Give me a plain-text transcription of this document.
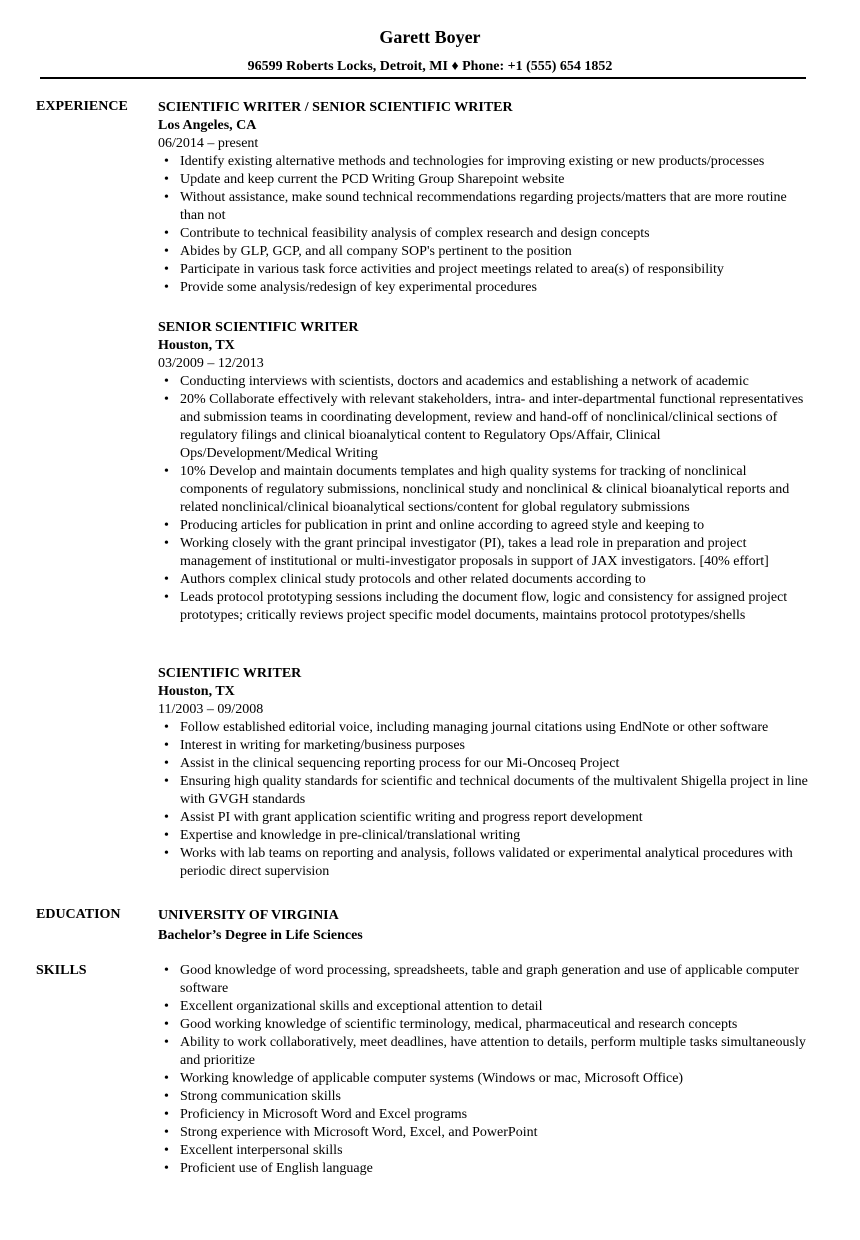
Garett Boyer
96599 Roberts Locks, Detroit, MI ♦ Phone: +1 (555) 654 1852
EXPERIENCE SCIENTIFIC WRITER / SENIOR SCIENTIFIC WRITER
Los Angeles, CA
06/2014 – present
• Identify existing alternative methods and technologies for improving existing or new products/processes
• Update and keep current the PCD Writing Group Sharepoint website
• Without assistance, make sound technical recommendations regarding projects/matters that are more routine than not
• Contribute to technical feasibility analysis of complex research and design concepts
• Abides by GLP, GCP, and all company SOP's pertinent to the position
• Participate in various task force activities and project meetings related to area(s) of responsibility
• Provide some analysis/redesign of key experimental procedures
SENIOR SCIENTIFIC WRITER
Houston, TX
03/2009 – 12/2013
• Conducting interviews with scientists, doctors and academics and establishing a network of academic
• 20% Collaborate effectively with relevant stakeholders, intra- and inter-departmental functional representatives and submission teams in coordinating development, review and hand-off of nonclinical/clinical sections of regulatory filings and clinical bioanalytical content to Regulatory Ops/Affair, Clinical Ops/Development/Medical Writing
• 10% Develop and maintain documents templates and high quality systems for tracking of nonclinical components of regulatory submissions, nonclinical study and nonclinical & clinical bioanalytical reports and related nonclinical/clinical bioanalytical sections/content for global regulatory submissions
• Producing articles for publication in print and online according to agreed style and keeping to
• Working closely with the grant principal investigator (PI), takes a lead role in preparation and project management of institutional or multi-investigator proposals in support of JAX investigators. [40% effort]
• Authors complex clinical study protocols and other related documents according to
• Leads protocol prototyping sessions including the document flow, logic and consistency for assigned project prototypes; critically reviews project specific model documents, maintains protocol prototypes/shells
SCIENTIFIC WRITER
Houston, TX
11/2003 – 09/2008
• Follow established editorial voice, including managing journal citations using EndNote or other software
• Interest in writing for marketing/business purposes
• Assist in the clinical sequencing reporting process for our Mi-Oncoseq Project
• Ensuring high quality standards for scientific and technical documents of the multivalent Shigella project in line with GVGH standards
• Assist PI with grant application scientific writing and progress report development
• Expertise and knowledge in pre-clinical/translational writing
• Works with lab teams on reporting and analysis, follows validated or experimental analytical procedures with periodic direct supervision
EDUCATION	UNIVERSITY OF VIRGINIA
Bachelor’s Degree in Life Sciences
SKILLS
•	Good knowledge of word processing, spreadsheets, table and graph generation and use of applicable computer software
• Excellent organizational skills and exceptional attention to detail
• Good working knowledge of scientific terminology, medical, pharmaceutical and research concepts
• Ability to work collaboratively, meet deadlines, have attention to details, perform multiple tasks simultaneously and prioritize
• Working knowledge of applicable computer systems (Windows or mac, Microsoft Office)
• Strong communication skills
• Proficiency in Microsoft Word and Excel programs
• Strong experience with Microsoft Word, Excel, and PowerPoint
• Excellent interpersonal skills
• Proficient use of English language
